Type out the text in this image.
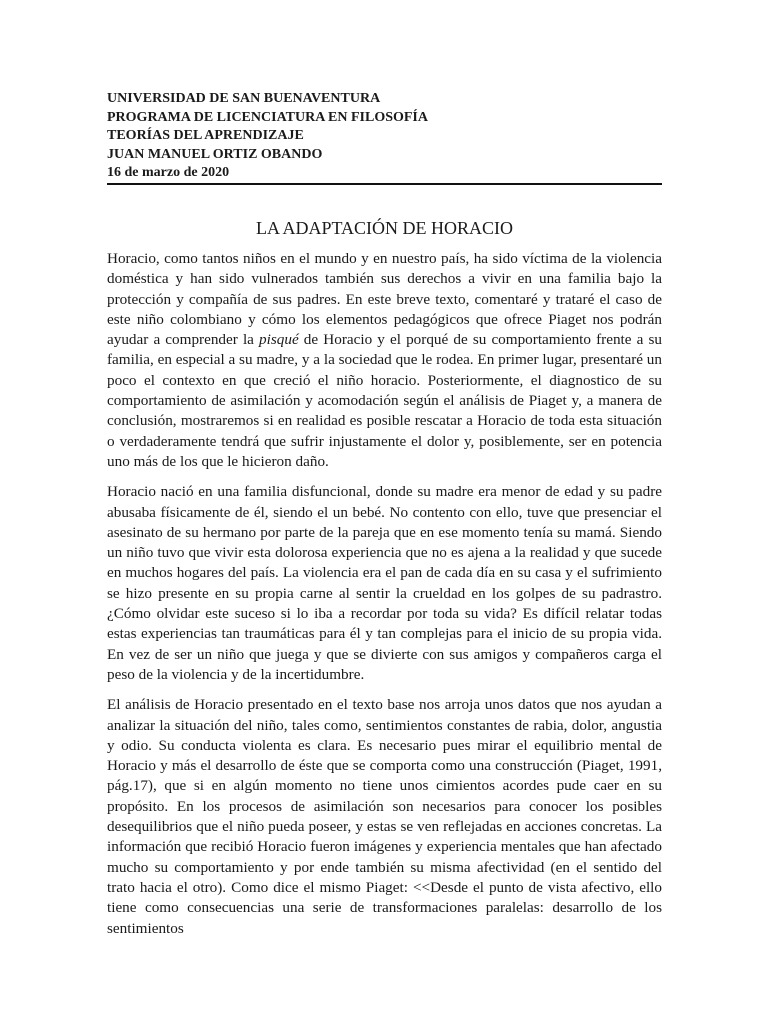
UNIVERSIDAD DE SAN BUENAVENTURA
PROGRAMA DE LICENCIATURA EN FILOSOFÍA
TEORÍAS DEL APRENDIZAJE
JUAN MANUEL ORTIZ OBANDO
16 de marzo de 2020
LA ADAPTACIÓN DE HORACIO

Horacio, como tantos niños en el mundo y en nuestro país, ha sido víctima de la violencia doméstica y han sido vulnerados también sus derechos a vivir en una familia bajo la protección y compañía de sus padres. En este breve texto, comentaré y trataré el caso de este niño colombiano y cómo los elementos pedagógicos que ofrece Piaget nos podrán ayudar a comprender la pisqué de Horacio y el porqué de su comportamiento frente a su familia, en especial a su madre, y a la sociedad que le rodea. En primer lugar, presentaré un poco el contexto en que creció el niño horacio. Posteriormente, el diagnostico de su comportamiento de asimilación y acomodación según el análisis de Piaget y, a manera de conclusión, mostraremos si en realidad es posible rescatar a Horacio de toda esta situación o verdaderamente tendrá que sufrir injustamente el dolor y, posiblemente, ser en potencia uno más de los que le hicieron daño.

Horacio nació en una familia disfuncional, donde su madre era menor de edad y su padre abusaba físicamente de él, siendo el un bebé. No contento con ello, tuve que presenciar el asesinato de su hermano por parte de la pareja que en ese momento tenía su mamá. Siendo un niño tuvo que vivir esta dolorosa experiencia que no es ajena a la realidad y que sucede en muchos hogares del país. La violencia era el pan de cada día en su casa y el sufrimiento se hizo presente en su propia carne al sentir la crueldad en los golpes de su padrastro. ¿Cómo olvidar este suceso si lo iba a recordar por toda su vida? Es difícil relatar todas estas experiencias tan traumáticas para él y tan complejas para el inicio de su propia vida. En vez de ser un niño que juega y que se divierte con sus amigos y compañeros carga el peso de la violencia y de la incertidumbre.

El análisis de Horacio presentado en el texto base nos arroja unos datos que nos ayudan a analizar la situación del niño, tales como, sentimientos constantes de rabia, dolor, angustia y odio. Su conducta violenta es clara. Es necesario pues mirar el equilibrio mental de Horacio y más el desarrollo de éste que se comporta como una construcción (Piaget, 1991, pág.17), que si en algún momento no tiene unos cimientos acordes pude caer en su propósito. En los procesos de asimilación son necesarios para conocer los posibles desequilibrios que el niño pueda poseer, y estas se ven reflejadas en acciones concretas. La información que recibió Horacio fueron imágenes y experiencia mentales que han afectado mucho su comportamiento y por ende también su misma afectividad (en el sentido del trato hacia el otro). Como dice el mismo Piaget: <<Desde el punto de vista afectivo, ello tiene como consecuencias una serie de transformaciones paralelas: desarrollo de los sentimientos
